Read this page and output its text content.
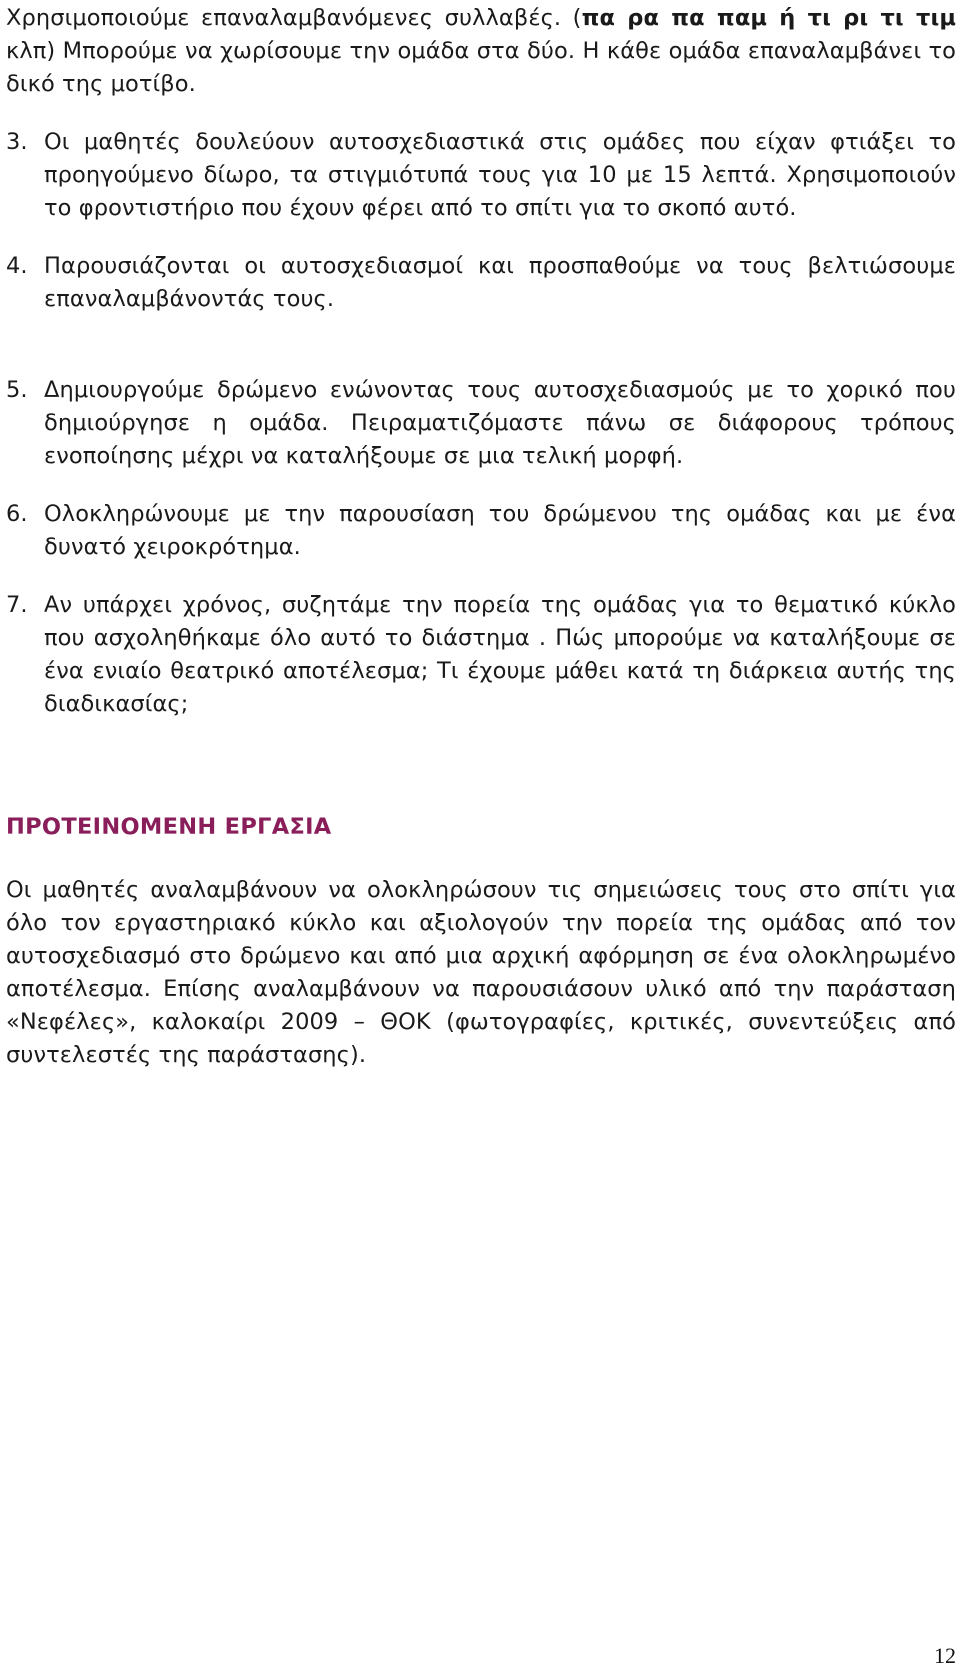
Χρησιμοποιούμε επαναλαμβανόμενες συλλαβές. (πα ρα πα παμ ή τι ρι τι τιμ κλπ) Μπορούμε να χωρίσουμε την ομάδα στα δύο. Η κάθε ομάδα επαναλαμβάνει το δικό της μοτίβο.

3. Οι μαθητές δουλεύουν αυτοσχεδιαστικά στις ομάδες που είχαν φτιάξει το προηγούμενο δίωρο, τα στιγμιότυπά τους για 10 με 15 λεπτά. Χρησιμοποιούν το φροντιστήριο που έχουν φέρει από το σπίτι για το σκοπό αυτό.

4. Παρουσιάζονται οι αυτοσχεδιασμοί και προσπαθούμε να τους βελτιώσουμε επαναλαμβάνοντάς τους.

5. Δημιουργούμε δρώμενο ενώνοντας τους αυτοσχεδιασμούς με το χορικό που δημιούργησε η ομάδα. Πειραματιζόμαστε πάνω σε διάφορους τρόπους ενοποίησης μέχρι να καταλήξουμε σε μια τελική μορφή.

6. Ολοκληρώνουμε με την παρουσίαση του δρώμενου της ομάδας και με ένα δυνατό χειροκρότημα.

7. Αν υπάρχει χρόνος, συζητάμε την πορεία της ομάδας για το θεματικό κύκλο που ασχοληθήκαμε όλο αυτό το διάστημα . Πώς μπορούμε να καταλήξουμε σε ένα ενιαίο θεατρικό αποτέλεσμα; Τι έχουμε μάθει κατά τη διάρκεια αυτής της διαδικασίας;

ΠΡΟΤΕΙΝΟΜΕΝΗ ΕΡΓΑΣΙΑ

Οι μαθητές αναλαμβάνουν να ολοκληρώσουν τις σημειώσεις τους στο σπίτι για όλο τον εργαστηριακό κύκλο και αξιολογούν την πορεία της ομάδας από τον αυτοσχεδιασμό στο δρώμενο και από μια αρχική αφόρμηση σε ένα ολοκληρωμένο αποτέλεσμα. Επίσης αναλαμβάνουν να παρουσιάσουν υλικό από την παράσταση «Νεφέλες», καλοκαίρι 2009 – ΘΟΚ (φωτογραφίες, κριτικές, συνεντεύξεις από συντελεστές της παράστασης).

12
